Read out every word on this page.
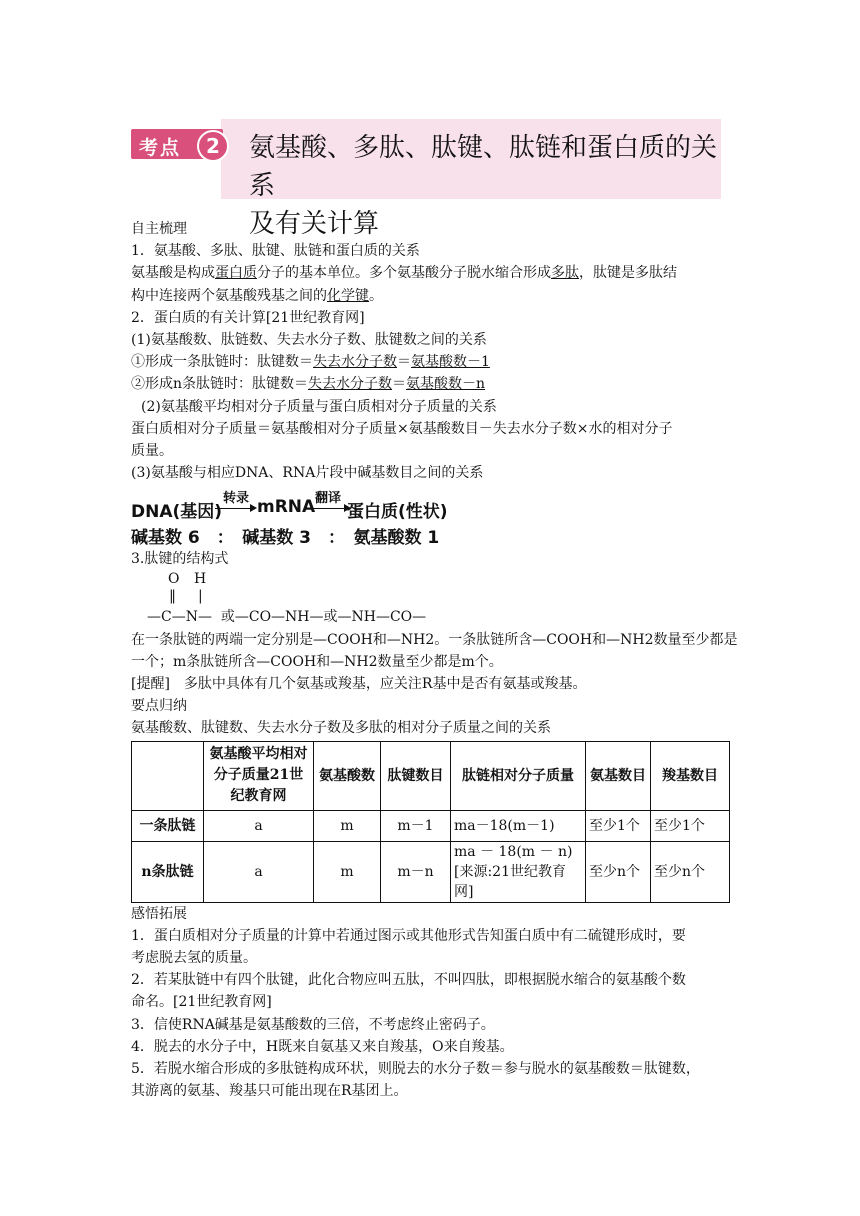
考点	2	氨基酸、多肽、肽键、肽链和蛋白质的关系
及有关计算
自主梳理
1．氨基酸、多肽、肽键、肽链和蛋白质的关系
氨基酸是构成蛋白质分子的基本单位。多个氨基酸分子脱水缩合形成多肽，肽键是多肽结
构中连接两个氨基酸残基之间的化学键。
2．蛋白质的有关计算[21世纪教育网]
(1)氨基酸数、肽链数、失去水分子数、肽键数之间的关系
①形成一条肽链时：肽键数＝失去水分子数＝氨基酸数－1
②形成n条肽链时：肽键数＝失去水分子数＝氨基酸数－n
(2)氨基酸平均相对分子质量与蛋白质相对分子质量的关系
蛋白质相对分子质量＝氨基酸相对分子质量×氨基酸数目－失去水分子数×水的相对分子
质量。
(3)氨基酸与相应DNA、RNA片段中碱基数目之间的关系
DNA(基因)
转录 mRNA 翻译
蛋白质(性状)
碱基数 6　：　碱基数 3　：　氨基酸数 1
3.肽键的结构式
O H
‖ |
—C—N—  或—CO—NH—或—NH—CO—
在一条肽链的两端一定分别是—COOH和—NH2。一条肽链所含—COOH和—NH2数量至少都是
一个；m条肽链所含—COOH和—NH2数量至少都是m个。
[提醒]　多肽中具体有几个氨基或羧基，应关注R基中是否有氨基或羧基。
要点归纳
氨基酸数、肽键数、失去水分子数及多肽的相对分子质量之间的关系
	氨基酸平均相对分子质量21世纪教育网	氨基酸数	肽键数目	肽链相对分子质量	氨基数目	羧基数目
一条肽链	a	m	m－1	ma－18(m－1)	至少1个	至少1个
n条肽链	a	m	m－n	ma － 18(m － n)[来源:21世纪教育网]	至少n个	至少n个
感悟拓展
1．蛋白质相对分子质量的计算中若通过图示或其他形式告知蛋白质中有二硫键形成时，要
考虑脱去氢的质量。
2．若某肽链中有四个肽键，此化合物应叫五肽，不叫四肽，即根据脱水缩合的氨基酸个数
命名。[21世纪教育网]
3．信使RNA碱基是氨基酸数的三倍，不考虑终止密码子。
4．脱去的水分子中，H既来自氨基又来自羧基，O来自羧基。
5．若脱水缩合形成的多肽链构成环状，则脱去的水分子数＝参与脱水的氨基酸数＝肽键数，
其游离的氨基、羧基只可能出现在R基团上。
